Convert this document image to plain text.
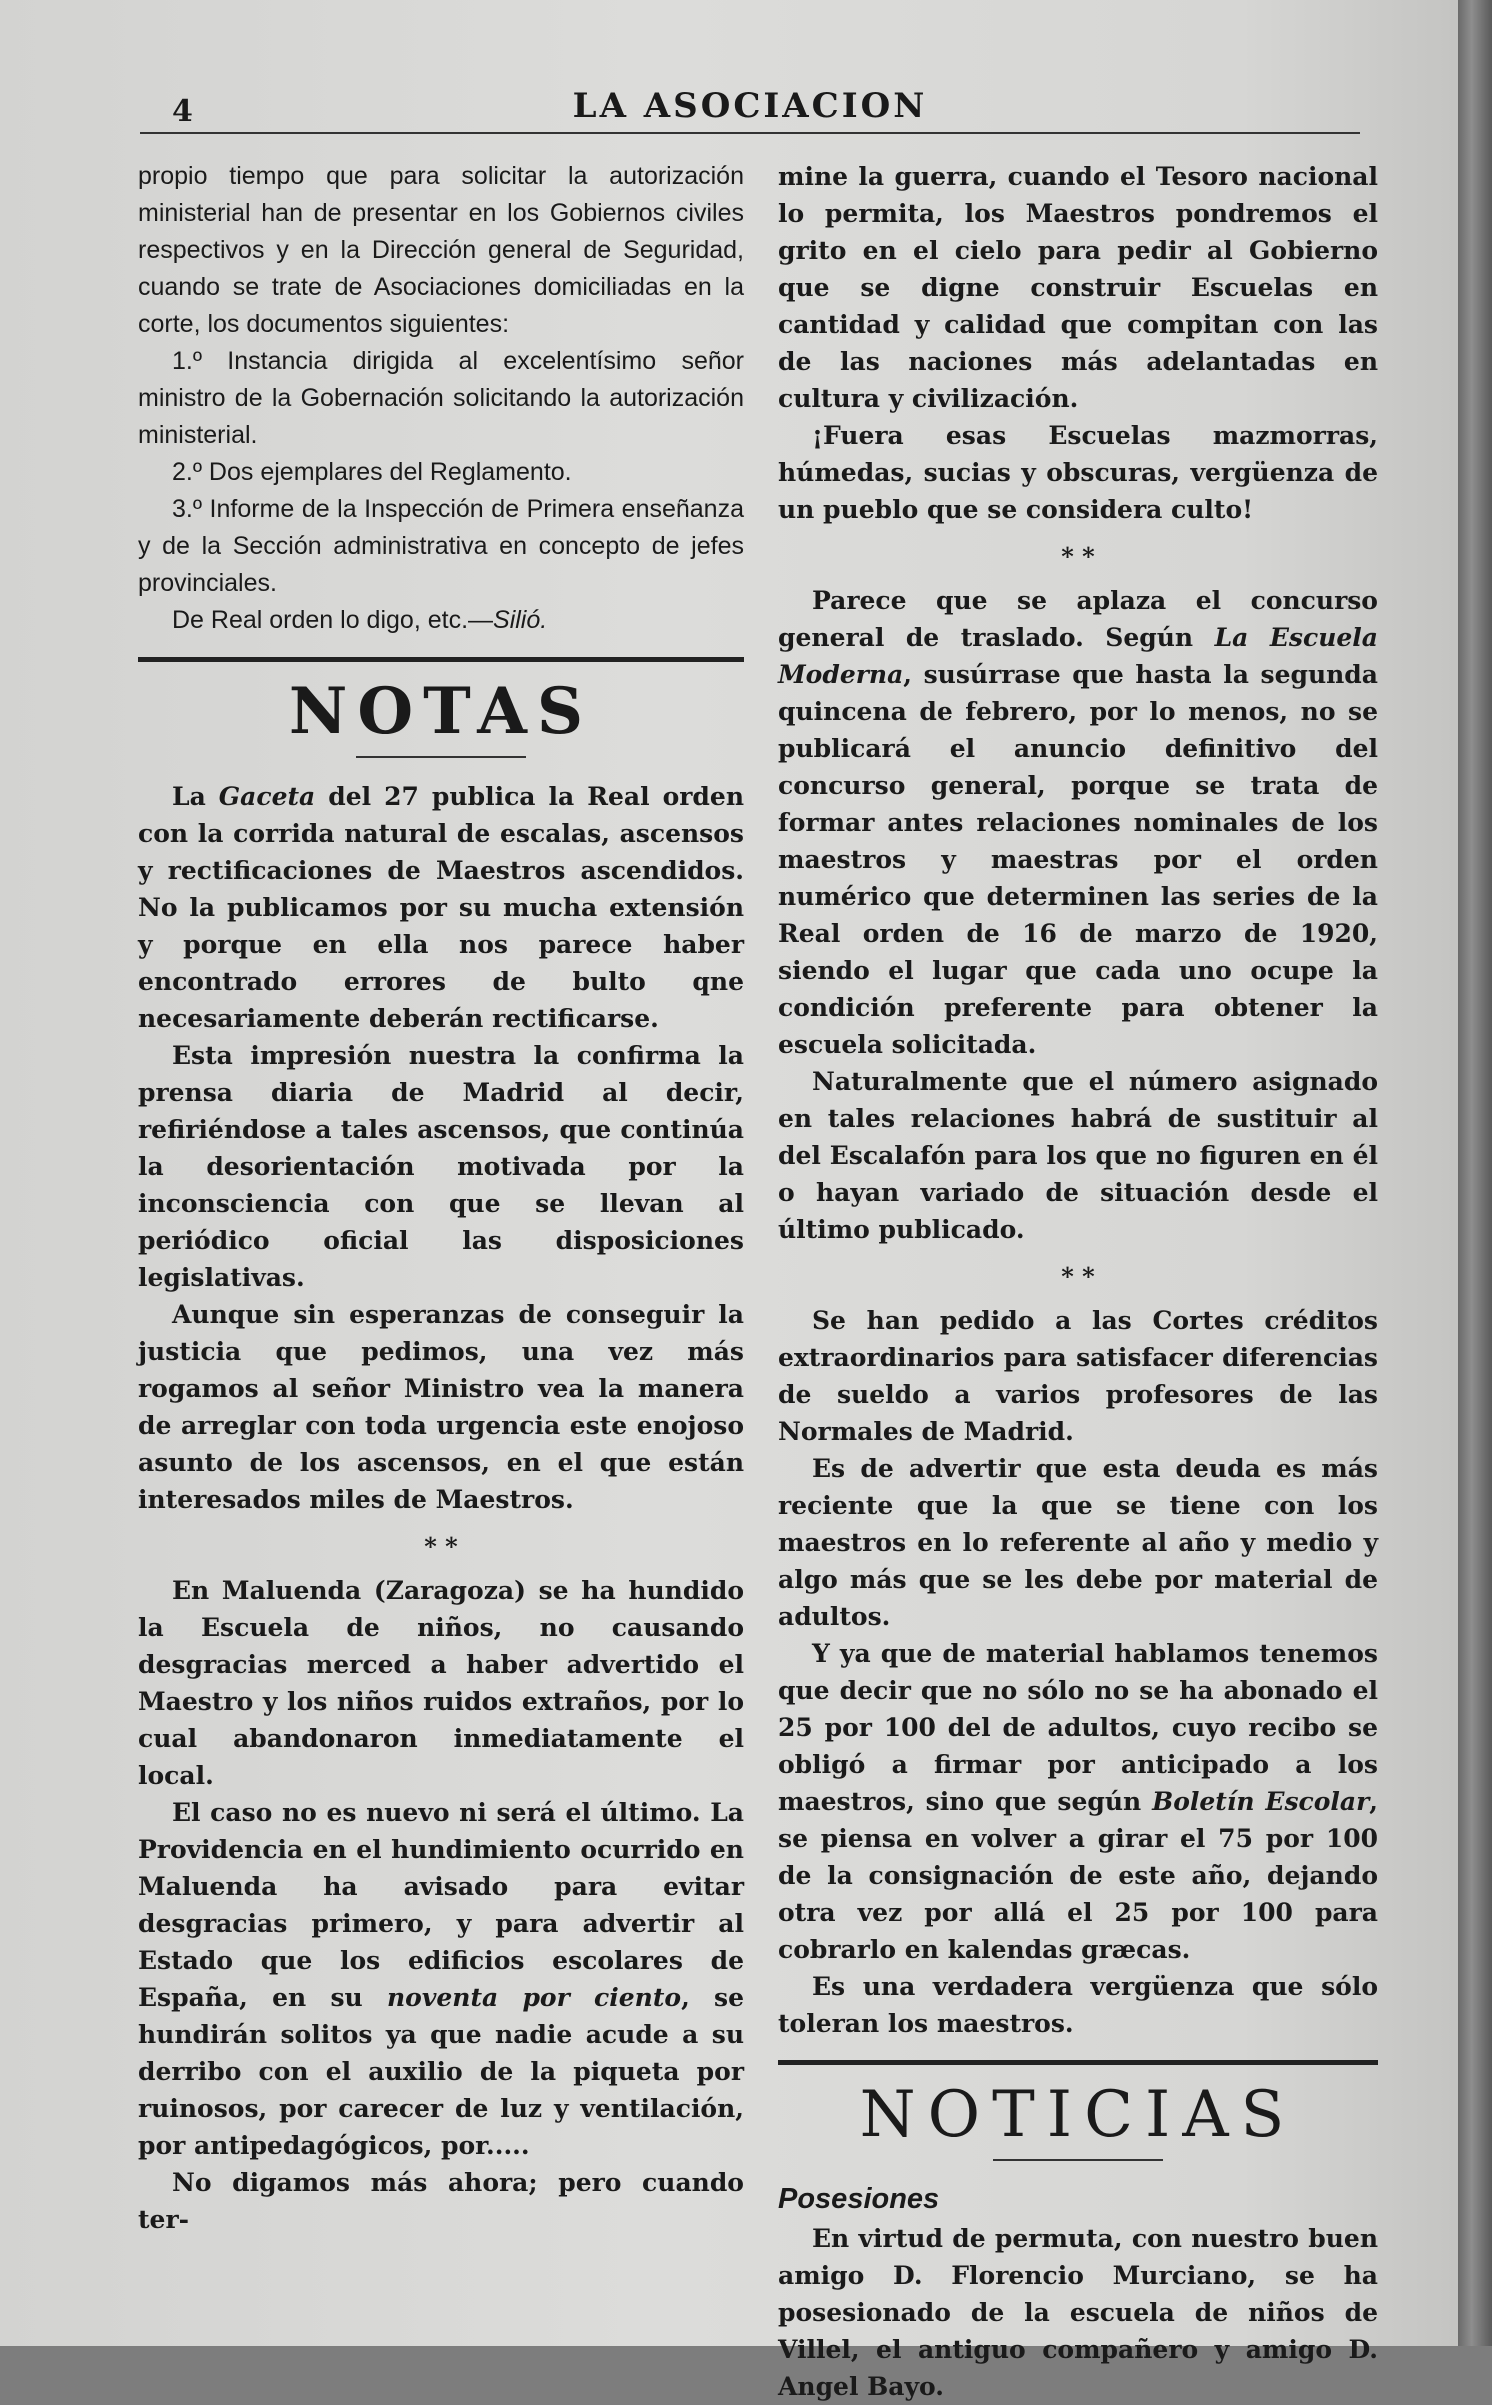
4	LA ASOCIACION

propio tiempo que para solicitar la autorización ministerial han de presentar en los Gobiernos civiles respectivos y en la Dirección general de Seguridad, cuando se trate de Asociaciones domiciliadas en la corte, los documentos siguientes:

1.º Instancia dirigida al excelentísimo señor ministro de la Gobernación solicitando la autorización ministerial.

2.º Dos ejemplares del Reglamento.

3.º Informe de la Inspección de Primera enseñanza y de la Sección administrativa en concepto de jefes provinciales.

De Real orden lo digo, etc.—Silió.

NOTAS

La Gaceta del 27 publica la Real orden con la corrida natural de escalas, ascensos y rectificaciones de Maestros ascendidos. No la publicamos por su mucha extensión y porque en ella nos parece haber encontrado errores de bulto qne necesariamente deberán rectificarse.

Esta impresión nuestra la confirma la prensa diaria de Madrid al decir, refiriéndose a tales ascensos, que continúa la desorientación motivada por la inconsciencia con que se llevan al periódico oficial las disposiciones legislativas.

Aunque sin esperanzas de conseguir la justicia que pedimos, una vez más rogamos al señor Ministro vea la manera de arreglar con toda urgencia este enojoso asunto de los ascensos, en el que están interesados miles de Maestros.

* *

En Maluenda (Zaragoza) se ha hundido la Escuela de niños, no causando desgracias merced a haber advertido el Maestro y los niños ruidos extraños, por lo cual abandonaron inmediatamente el local.

El caso no es nuevo ni será el último. La Providencia en el hundimiento ocurrido en Maluenda ha avisado para evitar desgracias primero, y para advertir al Estado que los edificios escolares de España, en su noventa por ciento, se hundirán solitos ya que nadie acude a su derribo con el auxilio de la piqueta por ruinosos, por carecer de luz y ventilación, por antipedagógicos, por.....

No digamos más ahora; pero cuando ter-

mine la guerra, cuando el Tesoro nacional lo permita, los Maestros pondremos el grito en el cielo para pedir al Gobierno que se digne construir Escuelas en cantidad y calidad que compitan con las de las naciones más adelantadas en cultura y civilización.

¡Fuera esas Escuelas mazmorras, húmedas, sucias y obscuras, vergüenza de un pueblo que se considera culto!

* *

Parece que se aplaza el concurso general de traslado. Según La Escuela Moderna, susúrrase que hasta la segunda quincena de febrero, por lo menos, no se publicará el anuncio definitivo del concurso general, porque se trata de formar antes relaciones nominales de los maestros y maestras por el orden numérico que determinen las series de la Real orden de 16 de marzo de 1920, siendo el lugar que cada uno ocupe la condición preferente para obtener la escuela solicitada.

Naturalmente que el número asignado en tales relaciones habrá de sustituir al del Escalafón para los que no figuren en él o hayan variado de situación desde el último publicado.

* *

Se han pedido a las Cortes créditos extraordinarios para satisfacer diferencias de sueldo a varios profesores de las Normales de Madrid.

Es de advertir que esta deuda es más reciente que la que se tiene con los maestros en lo referente al año y medio y algo más que se les debe por material de adultos.

Y ya que de material hablamos tenemos que decir que no sólo no se ha abonado el 25 por 100 del de adultos, cuyo recibo se obligó a firmar por anticipado a los maestros, sino que según Boletín Escolar, se piensa en volver a girar el 75 por 100 de la consignación de este año, dejando otra vez por allá el 25 por 100 para cobrarlo en kalendas græcas.

Es una verdadera vergüenza que sólo toleran los maestros.

NOTICIAS
Posesiones

En virtud de permuta, con nuestro buen amigo D. Florencio Murciano, se ha posesionado de la escuela de niños de Villel, el antiguo compañero y amigo D. Angel Bayo.
